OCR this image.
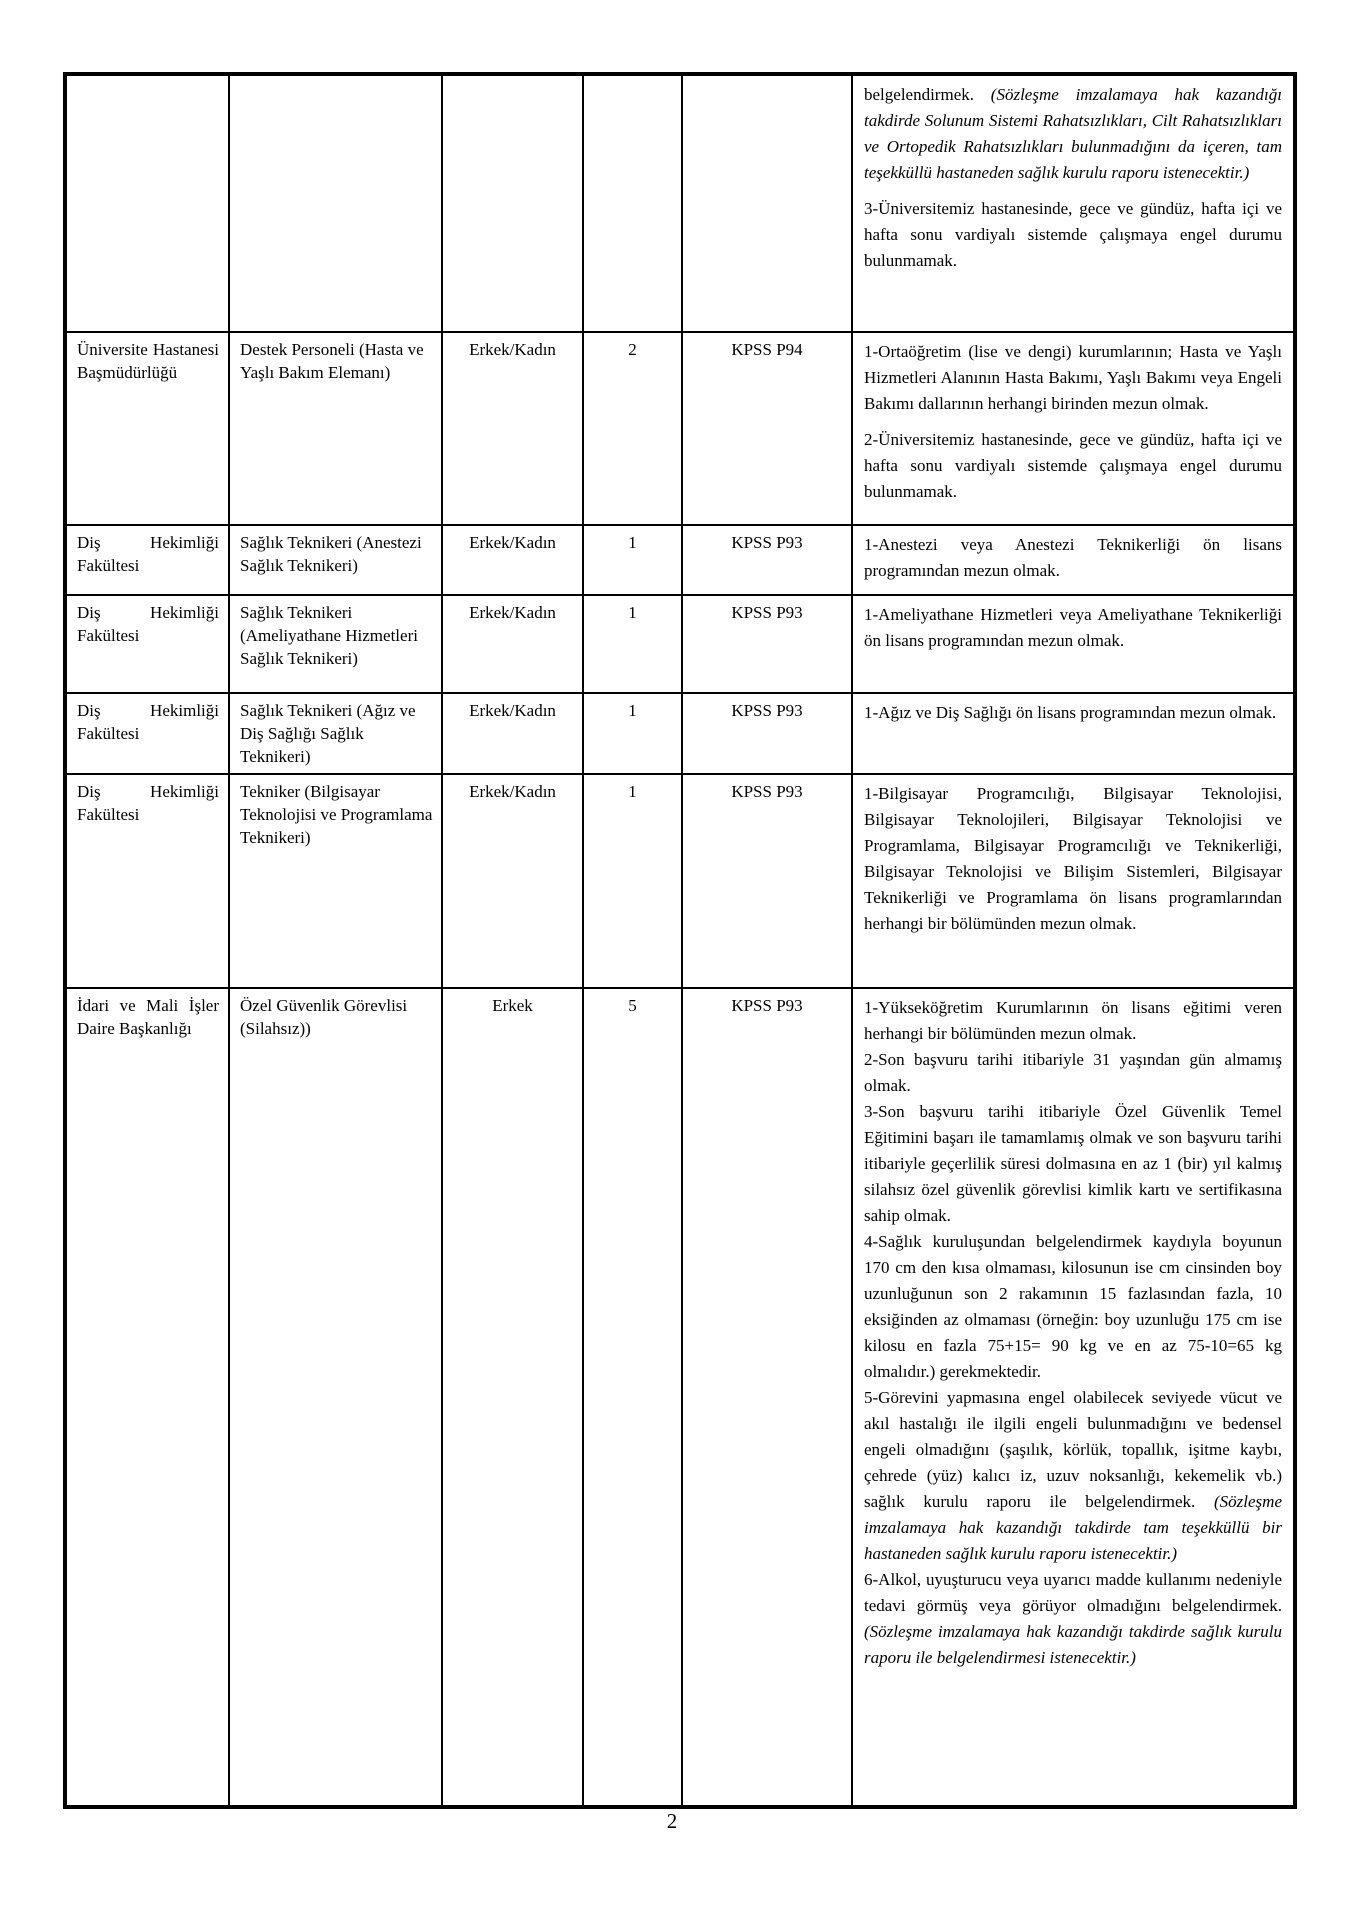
					belgelendirmek. (Sözleşme imzalamaya hak kazandığı takdirde Solunum Sistemi Rahatsızlıkları, Cilt Rahatsızlıkları ve Ortopedik Rahatsızlıkları bulunmadığını da içeren, tam teşekküllü hastaneden sağlık kurulu raporu istenecektir.)
3-Üniversitemiz hastanesinde, gece ve gündüz, hafta içi ve hafta sonu vardiyalı sistemde çalışmaya engel durumu bulunmamak.

Üniversite Hastanesi Başmüdürlüğü	Destek Personeli (Hasta ve Yaşlı Bakım Elemanı)	Erkek/Kadın	2	KPSS P94	1-Ortaöğretim (lise ve dengi) kurumlarının; Hasta ve Yaşlı Hizmetleri Alanının Hasta Bakımı, Yaşlı Bakımı veya Engeli Bakımı dallarının herhangi birinden mezun olmak.
2-Üniversitemiz hastanesinde, gece ve gündüz, hafta içi ve hafta sonu vardiyalı sistemde çalışmaya engel durumu bulunmamak.

Diş Hekimliği Fakültesi	Sağlık Teknikeri (Anestezi Sağlık Teknikeri)	Erkek/Kadın	1	KPSS P93	1-Anestezi veya Anestezi Teknikerliği ön lisans programından mezun olmak.

Diş Hekimliği Fakültesi	Sağlık Teknikeri (Ameliyathane Hizmetleri Sağlık Teknikeri)	Erkek/Kadın	1	KPSS P93	1-Ameliyathane Hizmetleri veya Ameliyathane Teknikerliği ön lisans programından mezun olmak.

Diş Hekimliği Fakültesi	Sağlık Teknikeri (Ağız ve Diş Sağlığı Sağlık Teknikeri)	Erkek/Kadın	1	KPSS P93	1-Ağız ve Diş Sağlığı ön lisans programından mezun olmak.

Diş Hekimliği Fakültesi	Tekniker (Bilgisayar Teknolojisi ve Programlama Teknikeri)	Erkek/Kadın	1	KPSS P93	1-Bilgisayar Programcılığı, Bilgisayar Teknolojisi, Bilgisayar Teknolojileri, Bilgisayar Teknolojisi ve Programlama, Bilgisayar Programcılığı ve Teknikerliği, Bilgisayar Teknolojisi ve Bilişim Sistemleri, Bilgisayar Teknikerliği ve Programlama ön lisans programlarından herhangi bir bölümünden mezun olmak.

İdari ve Mali İşler Daire Başkanlığı	Özel Güvenlik Görevlisi (Silahsız))	Erkek	5	KPSS P93	1-Yükseköğretim Kurumlarının ön lisans eğitimi veren herhangi bir bölümünden mezun olmak.
2-Son başvuru tarihi itibariyle 31 yaşından gün almamış olmak.
3-Son başvuru tarihi itibariyle Özel Güvenlik Temel Eğitimini başarı ile tamamlamış olmak ve son başvuru tarihi itibariyle geçerlilik süresi dolmasına en az 1 (bir) yıl kalmış silahsız özel güvenlik görevlisi kimlik kartı ve sertifikasına sahip olmak.
4-Sağlık kuruluşundan belgelendirmek kaydıyla boyunun 170 cm den kısa olmaması, kilosunun ise cm cinsinden boy uzunluğunun son 2 rakamının 15 fazlasından fazla, 10 eksiğinden az olmaması (örneğin: boy uzunluğu 175 cm ise kilosu en fazla 75+15= 90 kg ve en az 75-10=65 kg olmalıdır.) gerekmektedir.
5-Görevini yapmasına engel olabilecek seviyede vücut ve akıl hastalığı ile ilgili engeli bulunmadığını ve bedensel engeli olmadığını (şaşılık, körlük, topallık, işitme kaybı, çehrede (yüz) kalıcı iz, uzuv noksanlığı, kekemelik vb.) sağlık kurulu raporu ile belgelendirmek. (Sözleşme imzalamaya hak kazandığı takdirde tam teşekküllü bir hastaneden sağlık kurulu raporu istenecektir.)
6-Alkol, uyuşturucu veya uyarıcı madde kullanımı nedeniyle tedavi görmüş veya görüyor olmadığını belgelendirmek. (Sözleşme imzalamaya hak kazandığı takdirde sağlık kurulu raporu ile belgelendirmesi istenecektir.)
2
